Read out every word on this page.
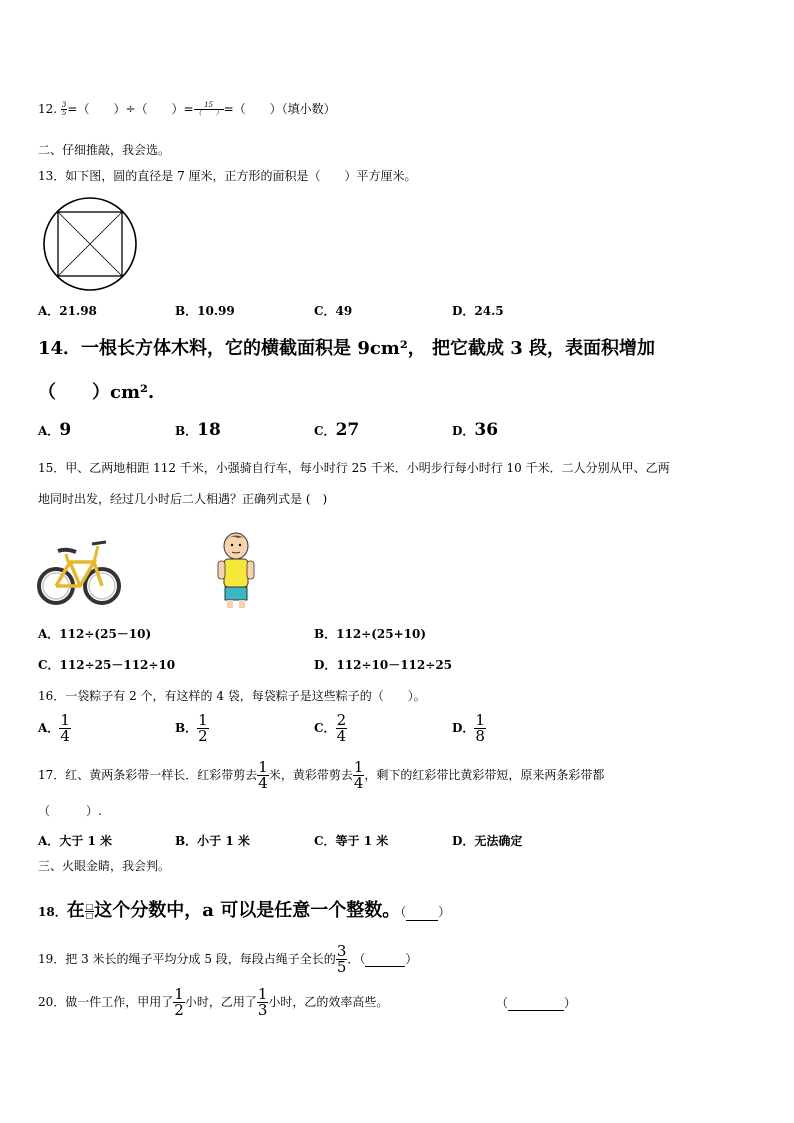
12. $\frac{3}{5}$ =（　　）÷（　　）= $\frac{15}{( )}$ =（　　）（填小数）
二、仔细推敲，我会选。
13．如下图，圆的直径是 7 厘米，正方形的面积是（　　）平方厘米。
A．21.98	B．10.99	C．49	D．24.5
14．一根长方体木料，它的横截面积是 9cm²， 把它截成 3 段，表面积增加
（　　）cm².
A．9	B．18	C．27	D．36
15．甲、乙两地相距 112 千米，小强骑自行车，每小时行 25 千米．小明步行每小时行 10 千米．二人分别从甲、乙两
地同时出发，经过几小时后二人相遇？正确列式是 (　)
A．112÷(25－10)	B．112÷(25+10)
C．112÷25－112÷10	D．112÷10－112÷25
16．一袋粽子有 2 个，有这样的 4 袋，每袋粽子是这些粽子的（　　）。
A． $\frac{1}{4}$	B． $\frac{1}{2}$	C． $\frac{2}{4}$	D． $\frac{1}{8}$
17．红、黄两条彩带一样长．红彩带剪去 $\frac{1}{4}$ 米，黄彩带剪去 $\frac{1}{4}$ ，剩下的红彩带比黄彩带短，原来两条彩带都
（　　　）.
A．大于 1 米	B．小于 1 米	C．等于 1 米	D．无法确定
三、火眼金睛，我会判。
18．在 $\frac{□}{□}$ 这个分数中，a 可以是任意一个整数。（	）
19．把 3 米长的绳子平均分成 5 段，每段占绳子全长的 $\frac{3}{5}$ ．（	）
20．做一件工作，甲用了 $\frac{1}{2}$ 小时，乙用了 $\frac{1}{3}$ 小时，乙的效率高些。	（	）
